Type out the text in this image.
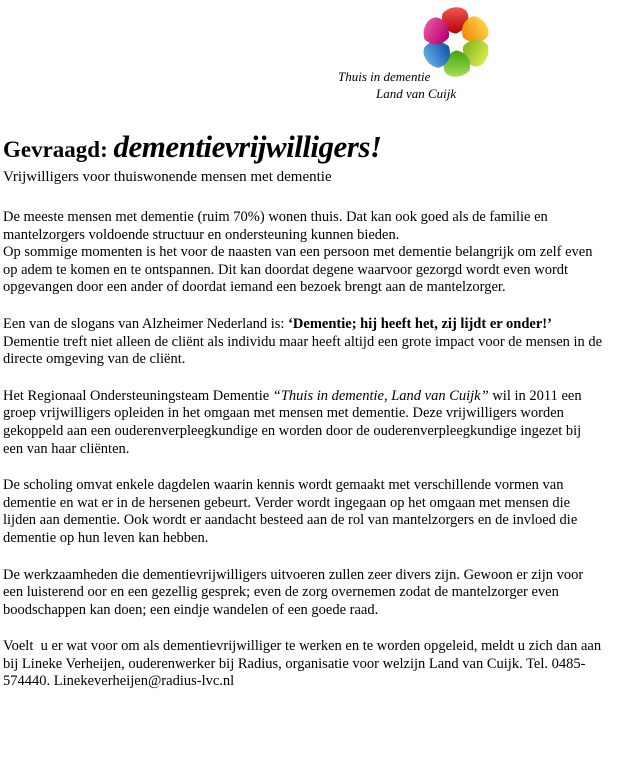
Thuis in dementie
Land van Cuijk
Gevraagd: dementievrijwilligers!
Vrijwilligers voor thuiswonende mensen met dementie
De meeste mensen met dementie (ruim 70%) wonen thuis. Dat kan ook goed als de familie en mantelzorgers voldoende structuur en ondersteuning kunnen bieden.
Op sommige momenten is het voor de naasten van een persoon met dementie belangrijk om zelf even op adem te komen en te ontspannen. Dit kan doordat degene waarvoor gezorgd wordt even wordt opgevangen door een ander of doordat iemand een bezoek brengt aan de mantelzorger.
Een van de slogans van Alzheimer Nederland is: ‘Dementie; hij heeft het, zij lijdt er onder!’ Dementie treft niet alleen de cliënt als individu maar heeft altijd een grote impact voor de mensen in de directe omgeving van de cliënt.
Het Regionaal Ondersteuningsteam Dementie “Thuis in dementie, Land van Cuijk” wil in 2011 een groep vrijwilligers opleiden in het omgaan met mensen met dementie. Deze vrijwilligers worden gekoppeld aan een ouderenverpleegkundige en worden door de ouderenverpleegkundige ingezet bij een van haar cliënten.
De scholing omvat enkele dagdelen waarin kennis wordt gemaakt met verschillende vormen van dementie en wat er in de hersenen gebeurt. Verder wordt ingegaan op het omgaan met mensen die lijden aan dementie. Ook wordt er aandacht besteed aan de rol van mantelzorgers en de invloed die dementie op hun leven kan hebben.
De werkzaamheden die dementievrijwilligers uitvoeren zullen zeer divers zijn. Gewoon er zijn voor een luisterend oor en een gezellig gesprek; even de zorg overnemen zodat de mantelzorger even boodschappen kan doen; een eindje wandelen of een goede raad.
Voelt  u er wat voor om als dementievrijwilliger te werken en te worden opgeleid, meldt u zich dan aan bij Lineke Verheijen, ouderenwerker bij Radius, organisatie voor welzijn Land van Cuijk. Tel. 0485-574440. Linekeverheijen@radius-lvc.nl
